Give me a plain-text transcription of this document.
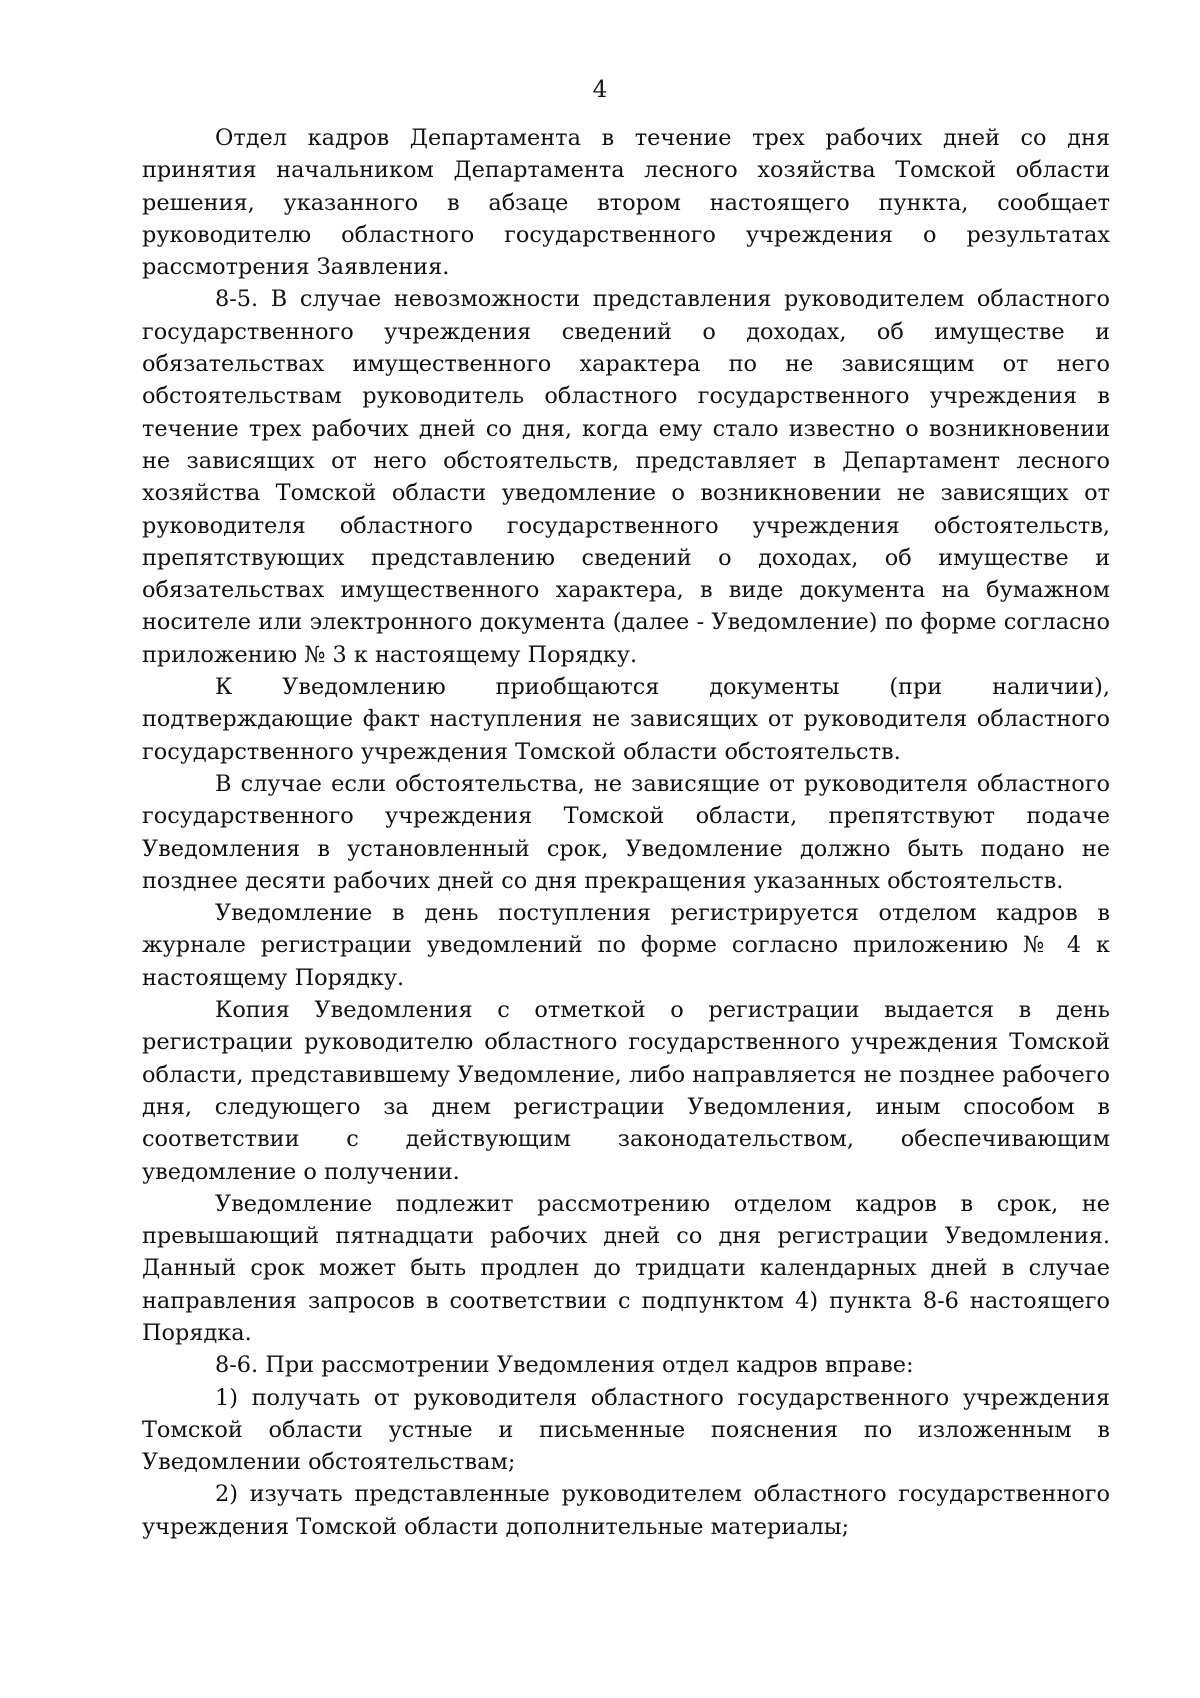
4

Отдел кадров Департамента в течение трех рабочих дней со дня принятия начальником Департамента лесного хозяйства Томской области решения, указанного в абзаце втором настоящего пункта, сообщает руководителю областного государственного учреждения о результатах рассмотрения Заявления.

8-5. В случае невозможности представления руководителем областного государственного учреждения сведений о доходах, об имуществе и обязательствах имущественного характера по не зависящим от него обстоятельствам руководитель областного государственного учреждения в течение трех рабочих дней со дня, когда ему стало известно о возникновении не зависящих от него обстоятельств, представляет в Департамент лесного хозяйства Томской области уведомление о возникновении не зависящих от руководителя областного государственного учреждения обстоятельств, препятствующих представлению сведений о доходах, об имуществе и обязательствах имущественного характера, в виде документа на бумажном носителе или электронного документа (далее - Уведомление) по форме согласно приложению № 3 к настоящему Порядку.

К Уведомлению приобщаются документы (при наличии), подтверждающие факт наступления не зависящих от руководителя областного государственного учреждения Томской области обстоятельств.

В случае если обстоятельства, не зависящие от руководителя областного государственного учреждения Томской области, препятствуют подаче Уведомления в установленный срок, Уведомление должно быть подано не позднее десяти рабочих дней со дня прекращения указанных обстоятельств.

Уведомление в день поступления регистрируется отделом кадров в журнале регистрации уведомлений по форме согласно приложению № 4 к настоящему Порядку.

Копия Уведомления с отметкой о регистрации выдается в день регистрации руководителю областного государственного учреждения Томской области, представившему Уведомление, либо направляется не позднее рабочего дня, следующего за днем регистрации Уведомления, иным способом в соответствии с действующим законодательством, обеспечивающим уведомление о получении.

Уведомление подлежит рассмотрению отделом кадров в срок, не превышающий пятнадцати рабочих дней со дня регистрации Уведомления. Данный срок может быть продлен до тридцати календарных дней в случае направления запросов в соответствии с подпунктом 4) пункта 8-6 настоящего Порядка.

8-6. При рассмотрении Уведомления отдел кадров вправе:

1) получать от руководителя областного государственного учреждения Томской области устные и письменные пояснения по изложенным в Уведомлении обстоятельствам;

2) изучать представленные руководителем областного государственного учреждения Томской области дополнительные материалы;
